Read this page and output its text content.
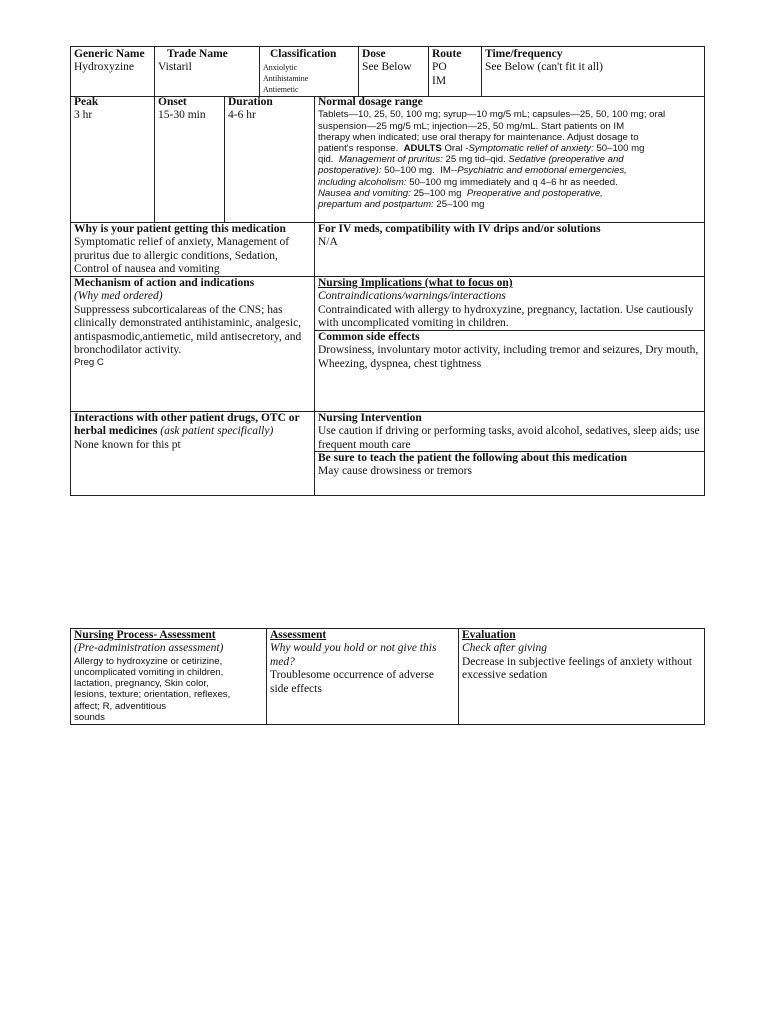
Generic Name

Hydroxyzine

Trade Name

Vistaril

Classification

Anxiolytic

Antihistamine

Antiemetic

Dose

See Below

Route

PO

IM

Time/frequency

See Below (can't fit it all)

Peak

3 hr

Onset

15-30 min

Duration

4-6 hr

Normal dosage range

Tablets—10, 25, 50, 100 mg; syrup—10 mg/5 mL; capsules—25, 50, 100 mg; oral

suspension—25 mg/5 mL; injection—25, 50 mg/mL. Start patients on IM

therapy when indicated; use oral therapy for maintenance. Adjust dosage to

patient's response. ADULTS Oral -Symptomatic relief of anxiety: 50–100 mg

qid. Management of pruritus: 25 mg tid–qid. Sedative (preoperative and

postoperative): 50–100 mg. IM--Psychiatric and emotional emergencies,

including alcoholism: 50–100 mg immediately and q 4–6 hr as needed.

Nausea and vomiting: 25–100 mg Preoperative and postoperative,

prepartum and postpartum: 25–100 mg

Why is your patient getting this medication

Symptomatic relief of anxiety, Management of pruritus due to allergic conditions, Sedation, Control of nausea and vomiting

For IV meds, compatibility with IV drips and/or solutions

N/A

Mechanism of action and indications

(Why med ordered)

Suppressess subcorticalareas of the CNS; has clinically demonstrated antihistaminic, analgesic, antispasmodic,antiemetic, mild antisecretory, and bronchodilator activity.

Preg C

Nursing Implications (what to focus on)

Contraindications/warnings/interactions

Contraindicated with allergy to hydroxyzine, pregnancy, lactation. Use cautiously with uncomplicated vomiting in children.

Common side effects

Drowsiness, involuntary motor activity, including tremor and seizures, Dry mouth, Wheezing, dyspnea, chest tightness

Interactions with other patient drugs, OTC or herbal medicines (ask patient specifically)

None known for this pt

Nursing Intervention

Use caution if driving or performing tasks, avoid alcohol, sedatives, sleep aids; use frequent mouth care

Be sure to teach the patient the following about this medication

May cause drowsiness or tremors

Nursing Process- Assessment

(Pre-administration assessment)

Allergy to hydroxyzine or cetirizine,

uncomplicated vomiting in children,

lactation, pregnancy, Skin color,

lesions, texture; orientation, reflexes,

affect; R, adventitious

sounds

Assessment

Why would you hold or not give this med?

Troublesome occurrence of adverse side effects

Evaluation

Check after giving

Decrease in subjective feelings of anxiety without excessive sedation
